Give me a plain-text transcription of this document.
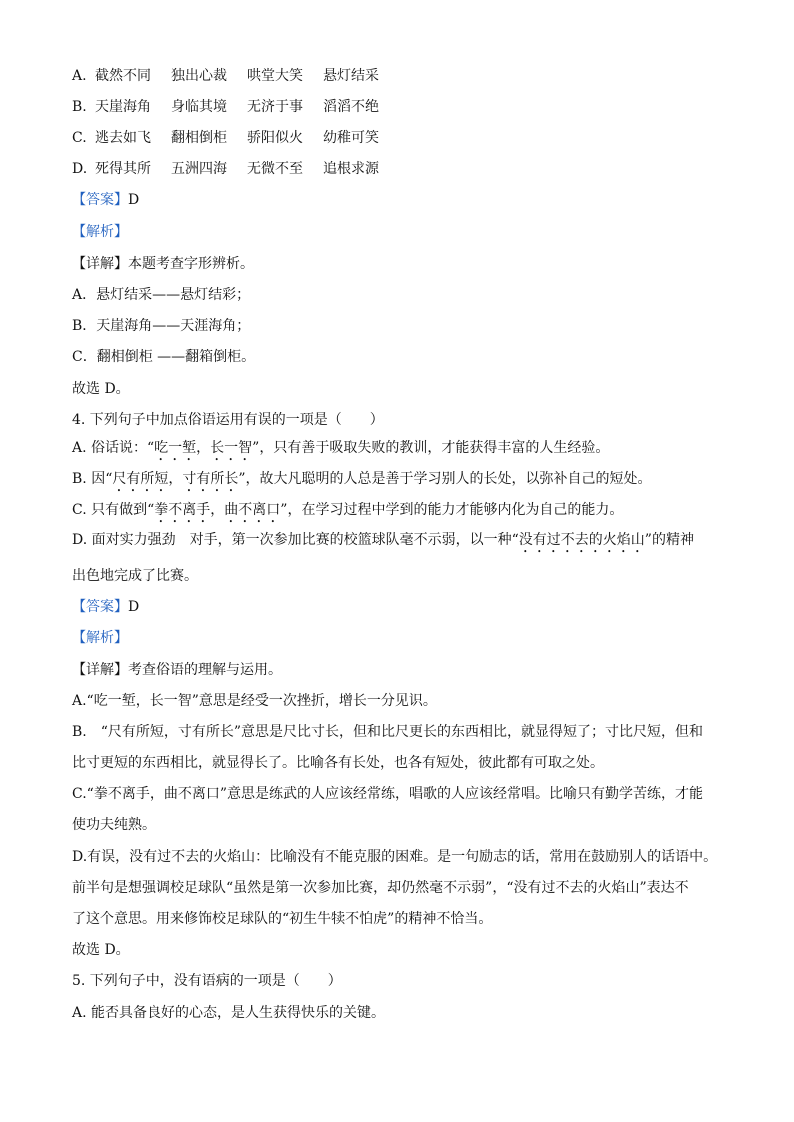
A. 截然不同 独出心裁 哄堂大笑 悬灯结采
B. 天崖海角 身临其境 无济于事 滔滔不绝
C. 逃去如飞 翻相倒柜 骄阳似火 幼稚可笑
D. 死得其所 五洲四海 无微不至 追根求源
【答案】D
【解析】
【详解】本题考查字形辨析。
A．悬灯结采——悬灯结彩；
B．天崖海角——天涯海角；
C．翻相倒柜 ——翻箱倒柜。
故选 D。
4. 下列句子中加点俗语运用有误的一项是（　　）
A. 俗话说：“吃一堑，长一智”，只有善于吸取失败的教训，才能获得丰富的人生经验。
B. 因“尺有所短，寸有所长”，故大凡聪明的人总是善于学习别人的长处，以弥补自己的短处。
C. 只有做到“拳不离手，曲不离口”，在学习过程中学到的能力才能够内化为自己的能力。
D. 面对实力强劲　对手，第一次参加比赛的校篮球队毫不示弱，以一种“没有过不去的火焰山”的精神
出色地完成了比赛。
【答案】D
【解析】
【详解】考查俗语的理解与运用。
A.“吃一堑，长一智”意思是经受一次挫折，增长一分见识。
B.　“尺有所短，寸有所长”意思是尺比寸长，但和比尺更长的东西相比，就显得短了；寸比尺短，但和
比寸更短的东西相比，就显得长了。比喻各有长处，也各有短处，彼此都有可取之处。
C.“拳不离手，曲不离口”意思是练武的人应该经常练，唱歌的人应该经常唱。比喻只有勤学苦练，才能
使功夫纯熟。
D.有误，没有过不去的火焰山：比喻没有不能克服的困难。是一句励志的话，常用在鼓励别人的话语中。
前半句是想强调校足球队“虽然是第一次参加比赛，却仍然毫不示弱”，“没有过不去的火焰山”表达不
了这个意思。用来修饰校足球队的“初生牛犊不怕虎”的精神不恰当。
故选 D。
5. 下列句子中，没有语病的一项是（　　）
A. 能否具备良好的心态，是人生获得快乐的关键。
